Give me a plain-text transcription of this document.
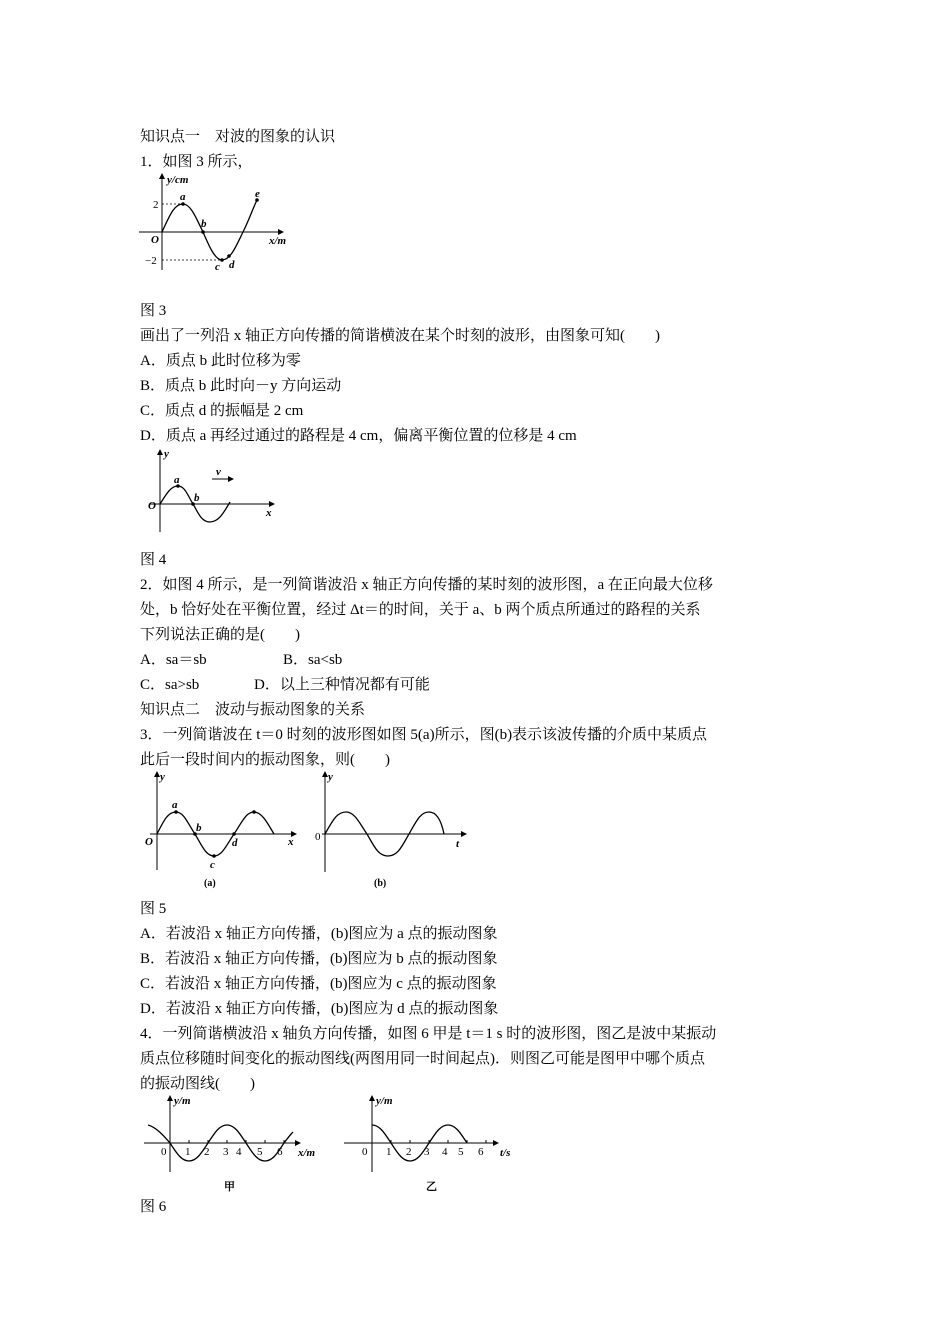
知识点一　对波的图象的认识
1．如图 3 所示，
y/cm
x/m
2
−2
O
a
b
c d
e
图 3
画出了一列沿 x 轴正方向传播的简谐横波在某个时刻的波形，由图象可知(　　)
A．质点 b 此时位移为零
B．质点 b 此时向－y 方向运动
C．质点 d 的振幅是 2 cm
D．质点 a 再经过通过的路程是 4 cm，偏离平衡位置的位移是 4 cm
v
y
x
O
a
b
图 4
2．如图 4 所示，是一列简谐波沿 x 轴正方向传播的某时刻的波形图，a 在正向最大位移
处，b 恰好处在平衡位置，经过 Δt＝的时间，关于 a、b 两个质点所通过的路程的关系
下列说法正确的是(　　)
A．sa＝sb	B．sa<sb
C．sa>sb	D．以上三种情况都有可能
知识点二　波动与振动图象的关系
3．一列简谐波在 t＝0 时刻的波形图如图 5(a)所示，图(b)表示该波传播的介质中某质点
此后一段时间内的振动图象，则(　　)
y
x
O
a
b
c
d
(a)
y
t
0
(b)
图 5
A．若波沿 x 轴正方向传播，(b)图应为 a 点的振动图象
B．若波沿 x 轴正方向传播，(b)图应为 b 点的振动图象
C．若波沿 x 轴正方向传播，(b)图应为 c 点的振动图象
D．若波沿 x 轴正方向传播，(b)图应为 d 点的振动图象
4．一列简谐横波沿 x 轴负方向传播，如图 6 甲是 t＝1 s 时的波形图，图乙是波中某振动
质点位移随时间变化的振动图线(两图用同一时间起点)．则图乙可能是图甲中哪个质点
的振动图线(　　)
y/m
x/m
0 1 2 3 4 5 6
甲
y/m
t/s
0 1 2 3 4 5 6
乙
图 6
